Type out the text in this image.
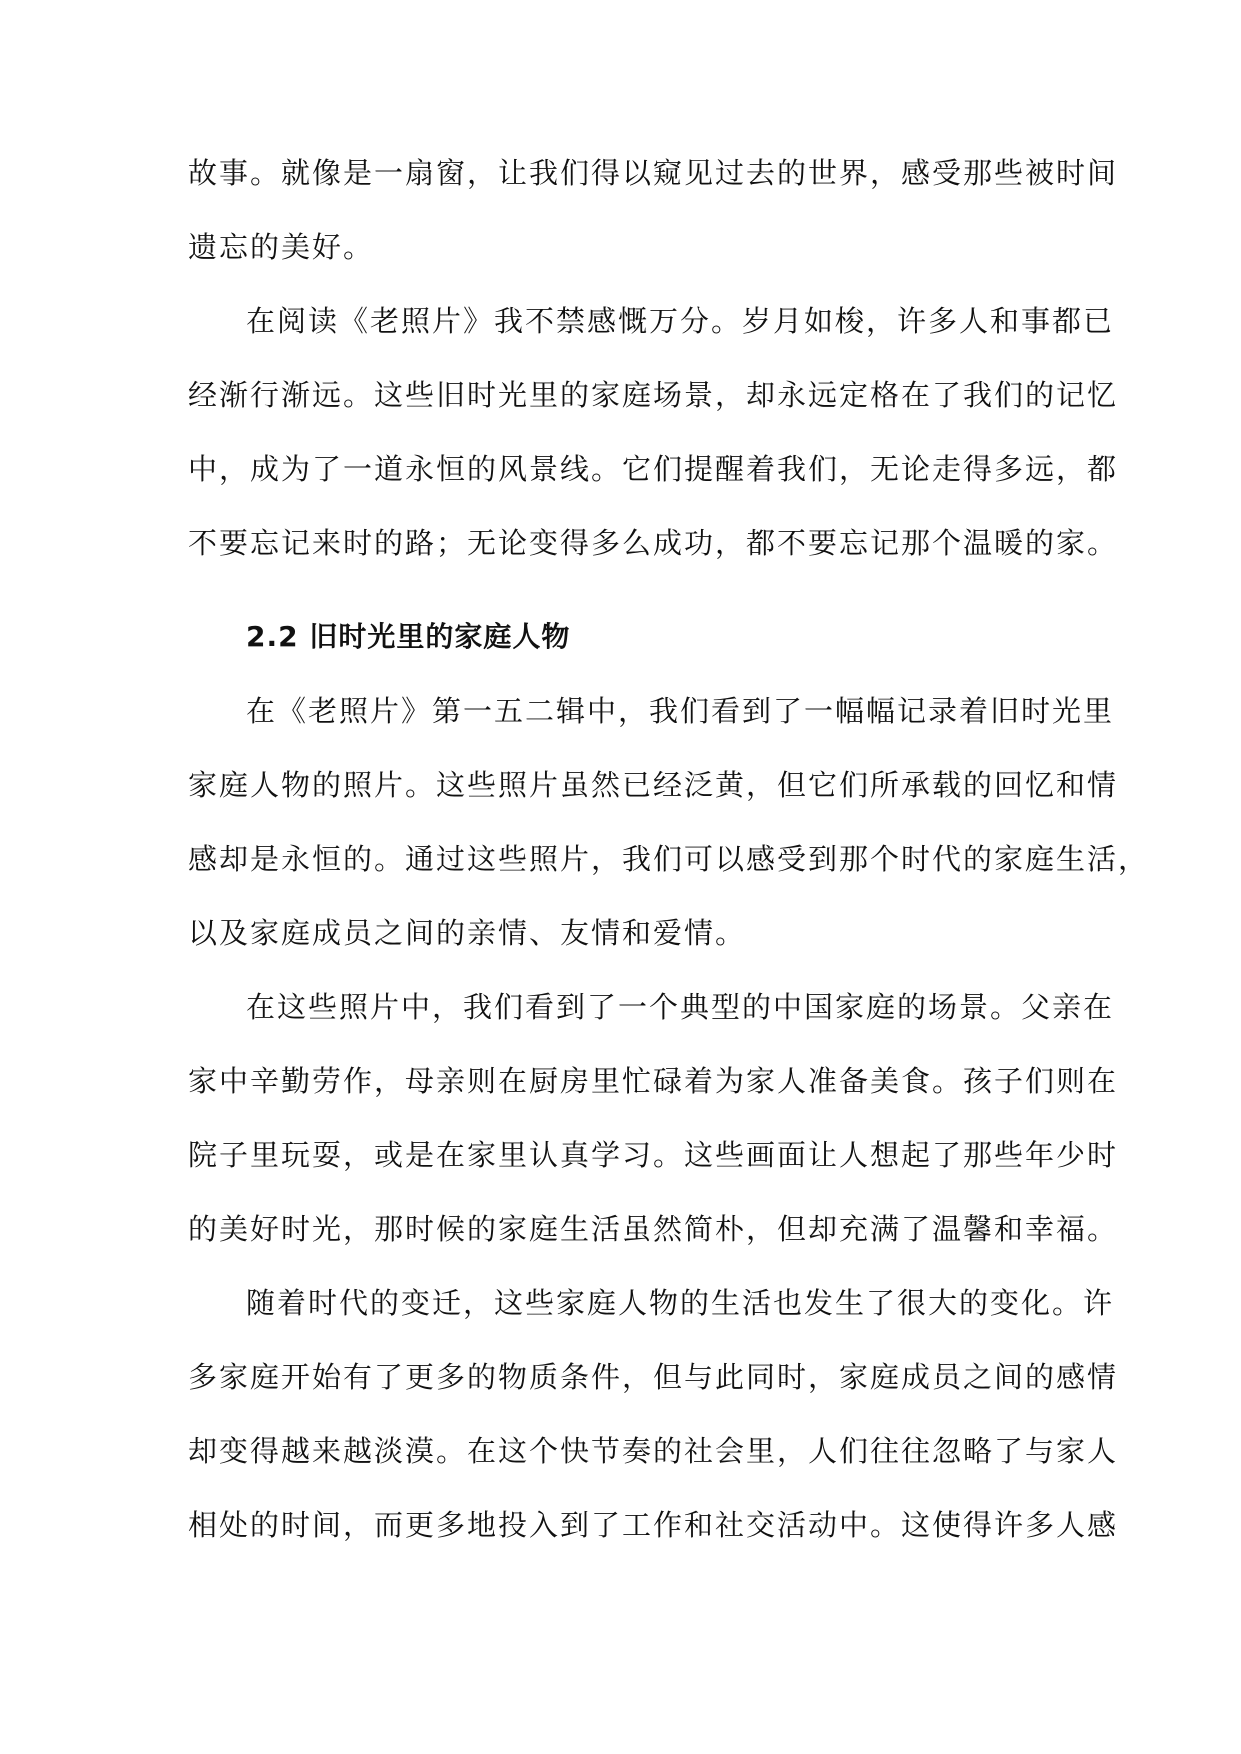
故事。就像是一扇窗，让我们得以窥见过去的世界，感受那些被时间
遗忘的美好。
在阅读《老照片》我不禁感慨万分。岁月如梭，许多人和事都已
经渐行渐远。这些旧时光里的家庭场景，却永远定格在了我们的记忆
中，成为了一道永恒的风景线。它们提醒着我们，无论走得多远，都
不要忘记来时的路；无论变得多么成功，都不要忘记那个温暖的家。
2.2 旧时光里的家庭人物
在《老照片》第一五二辑中，我们看到了一幅幅记录着旧时光里
家庭人物的照片。这些照片虽然已经泛黄，但它们所承载的回忆和情
感却是永恒的。通过这些照片，我们可以感受到那个时代的家庭生活，
以及家庭成员之间的亲情、友情和爱情。
在这些照片中，我们看到了一个典型的中国家庭的场景。父亲在
家中辛勤劳作，母亲则在厨房里忙碌着为家人准备美食。孩子们则在
院子里玩耍，或是在家里认真学习。这些画面让人想起了那些年少时
的美好时光，那时候的家庭生活虽然简朴，但却充满了温馨和幸福。
随着时代的变迁，这些家庭人物的生活也发生了很大的变化。许
多家庭开始有了更多的物质条件，但与此同时，家庭成员之间的感情
却变得越来越淡漠。在这个快节奏的社会里，人们往往忽略了与家人
相处的时间，而更多地投入到了工作和社交活动中。这使得许多人感
